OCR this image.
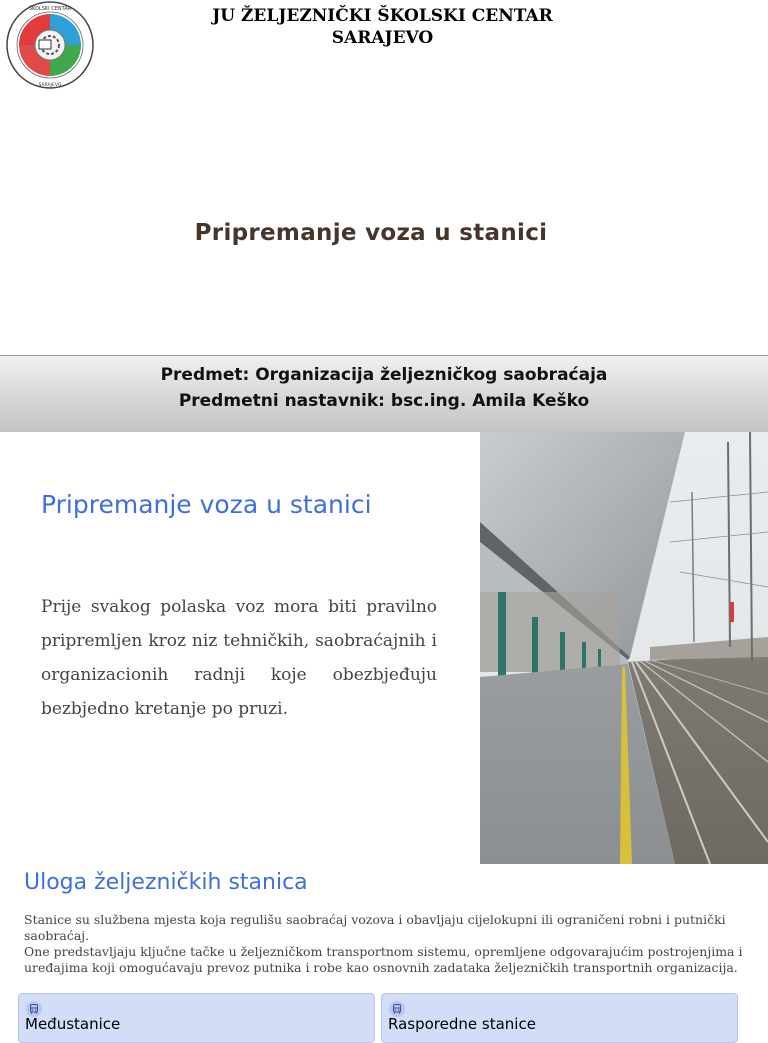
ŠKOLSKI CENTAR
SARAJEVO
JU ŽELJEZNIČKI ŠKOLSKI CENTAR
SARAJEVO
Pripremanje voza u stanici
Predmet: Organizacija željezničkog saobraćaja
Predmetni nastavnik: bsc.ing. Amila Keško
Pripremanje voza u stanici
Prije svakog polaska voz mora biti pravilno pripremljen kroz niz tehničkih, saobraćajnih i organizacionih radnji koje obezbjeđuju bezbjedno kretanje po pruzi.
Uloga željezničkih stanica
Stanice su službena mjesta koja regulišu saobraćaj vozova i obavljaju cijelokupni ili ograničeni robni i putnički saobraćaj.
One predstavljaju ključne tačke u željezničkom transportnom sistemu, opremljene odgovarajućim postrojenjima i uređajima koji omogućavaju prevoz putnika i robe kao osnovnih zadataka željezničkih transportnih organizacija.
Međustanice	Rasporedne stanice
